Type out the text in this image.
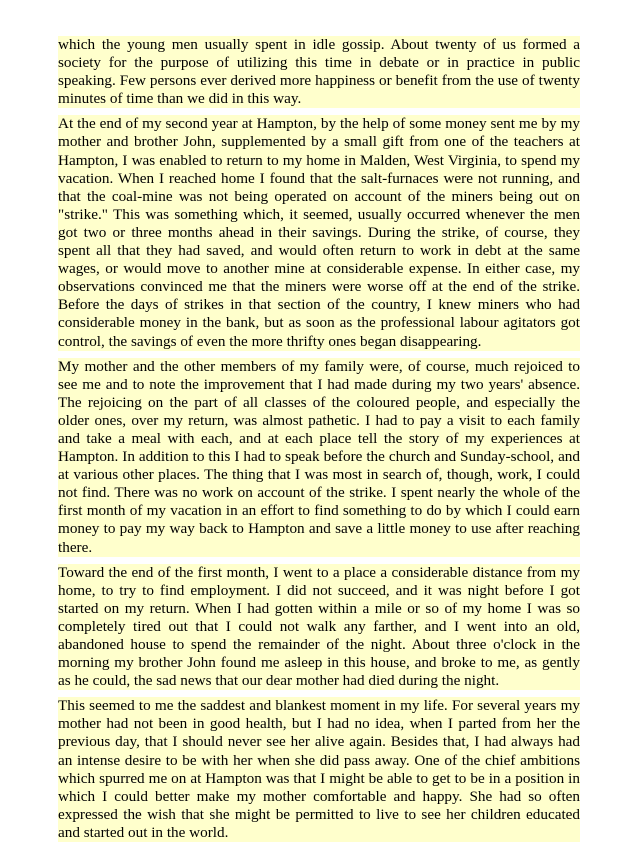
which the young men usually spent in idle gossip. About twenty of us formed a society for the purpose of utilizing this time in debate or in practice in public speaking. Few persons ever derived more happiness or benefit from the use of twenty minutes of time than we did in this way.

At the end of my second year at Hampton, by the help of some money sent me by my mother and brother John, supplemented by a small gift from one of the teachers at Hampton, I was enabled to return to my home in Malden, West Virginia, to spend my vacation. When I reached home I found that the salt-furnaces were not running, and that the coal-mine was not being operated on account of the miners being out on "strike." This was something which, it seemed, usually occurred whenever the men got two or three months ahead in their savings. During the strike, of course, they spent all that they had saved, and would often return to work in debt at the same wages, or would move to another mine at considerable expense. In either case, my observations convinced me that the miners were worse off at the end of the strike. Before the days of strikes in that section of the country, I knew miners who had considerable money in the bank, but as soon as the professional labour agitators got control, the savings of even the more thrifty ones began disappearing.

My mother and the other members of my family were, of course, much rejoiced to see me and to note the improvement that I had made during my two years' absence. The rejoicing on the part of all classes of the coloured people, and especially the older ones, over my return, was almost pathetic. I had to pay a visit to each family and take a meal with each, and at each place tell the story of my experiences at Hampton. In addition to this I had to speak before the church and Sunday-school, and at various other places. The thing that I was most in search of, though, work, I could not find. There was no work on account of the strike. I spent nearly the whole of the first month of my vacation in an effort to find something to do by which I could earn money to pay my way back to Hampton and save a little money to use after reaching there.

Toward the end of the first month, I went to a place a considerable distance from my home, to try to find employment. I did not succeed, and it was night before I got started on my return. When I had gotten within a mile or so of my home I was so completely tired out that I could not walk any farther, and I went into an old, abandoned house to spend the remainder of the night. About three o'clock in the morning my brother John found me asleep in this house, and broke to me, as gently as he could, the sad news that our dear mother had died during the night.

This seemed to me the saddest and blankest moment in my life. For several years my mother had not been in good health, but I had no idea, when I parted from her the previous day, that I should never see her alive again. Besides that, I had always had an intense desire to be with her when she did pass away. One of the chief ambitions which spurred me on at Hampton was that I might be able to get to be in a position in which I could better make my mother comfortable and happy. She had so often expressed the wish that she might be permitted to live to see her children educated and started out in the world.
